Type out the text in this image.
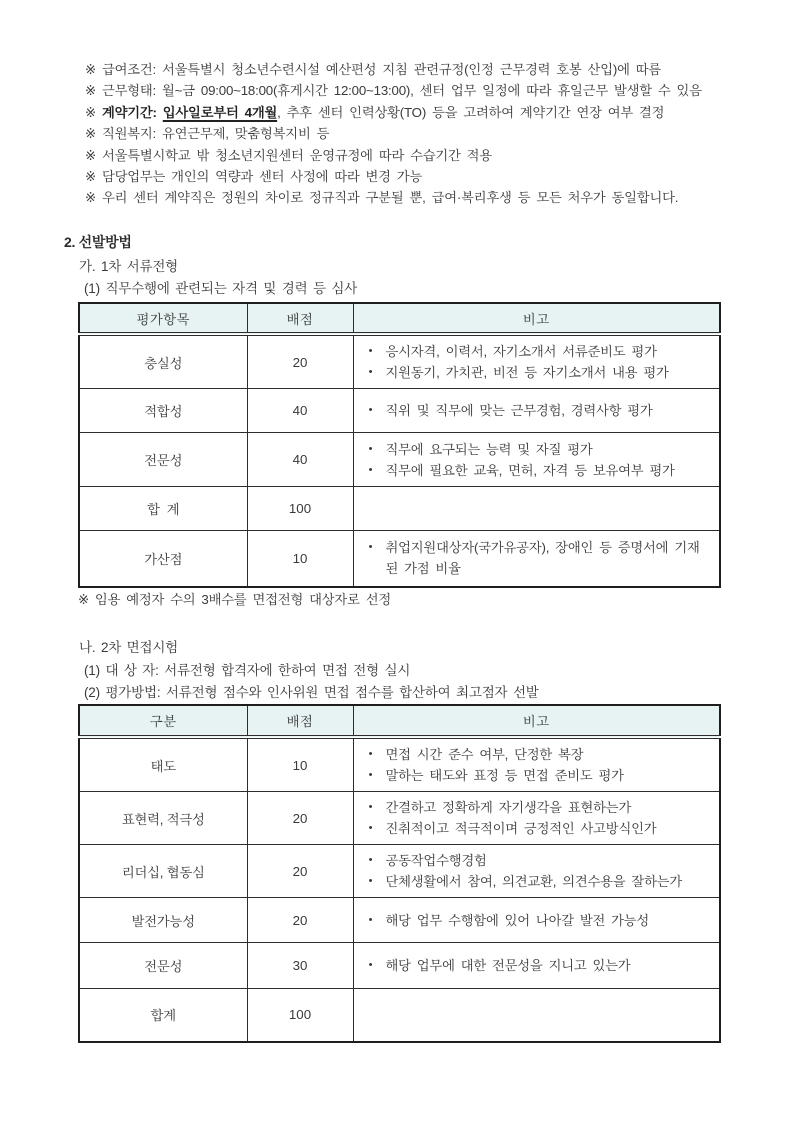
※ 급여조건: 서울특별시 청소년수련시설 예산편성 지침 관련규정(인정 근무경력 호봉 산입)에 따름
※ 근무형태: 월~금 09:00~18:00(휴게시간 12:00~13:00), 센터 업무 일정에 따라 휴일근무 발생할 수 있음
※ 계약기간: 입사일로부터 4개월, 추후 센터 인력상황(TO) 등을 고려하여 계약기간 연장 여부 결정
※ 직원복지: 유연근무제, 맞춤형복지비 등
※ 서울특별시학교 밖 청소년지원센터 운영규정에 따라 수습기간 적용
※ 담당업무는 개인의 역량과 센터 사정에 따라 변경 가능
※ 우리 센터 계약직은 정원의 차이로 정규직과 구분될 뿐, 급여·복리후생 등 모든 처우가 동일합니다.
2. 선발방법
가. 1차 서류전형
(1) 직무수행에 관련되는 자격 및 경력 등 심사
평가항목	배점	비고
충실성	20	• 응시자격, 이력서, 자기소개서 서류준비도 평가
• 지원동기, 가치관, 비전 등 자기소개서 내용 평가

적합성	40	• 직위 및 직무에 맞는 근무경험, 경력사항 평가

전문성	40	• 직무에 요구되는 능력 및 자질 평가
• 직무에 필요한 교육, 면허, 자격 등 보유여부 평가

합  계	100	
가산점	10	• 취업지원대상자(국가유공자), 장애인 등 증명서에 기재된 가점 비율
※ 임용 예정자 수의 3배수를 면접전형 대상자로 선정
나. 2차 면접시험
(1) 대 상 자: 서류전형 합격자에 한하여 면접 전형 실시
(2) 평가방법: 서류전형 점수와 인사위원 면접 점수를 합산하여 최고점자 선발
구분	배점	비고
태도	10	• 면접 시간 준수 여부, 단정한 복장
• 말하는 태도와 표정 등 면접 준비도 평가

표현력, 적극성	20	• 간결하고 정확하게 자기생각을 표현하는가
• 진취적이고 적극적이며 긍정적인 사고방식인가

리더십, 협동심	20	• 공동작업수행경험
• 단체생활에서 참여, 의견교환, 의견수용을 잘하는가

발전가능성	20	• 해당 업무 수행함에 있어 나아갈 발전 가능성

전문성	30	• 해당 업무에 대한 전문성을 지니고 있는가

합계	100	
